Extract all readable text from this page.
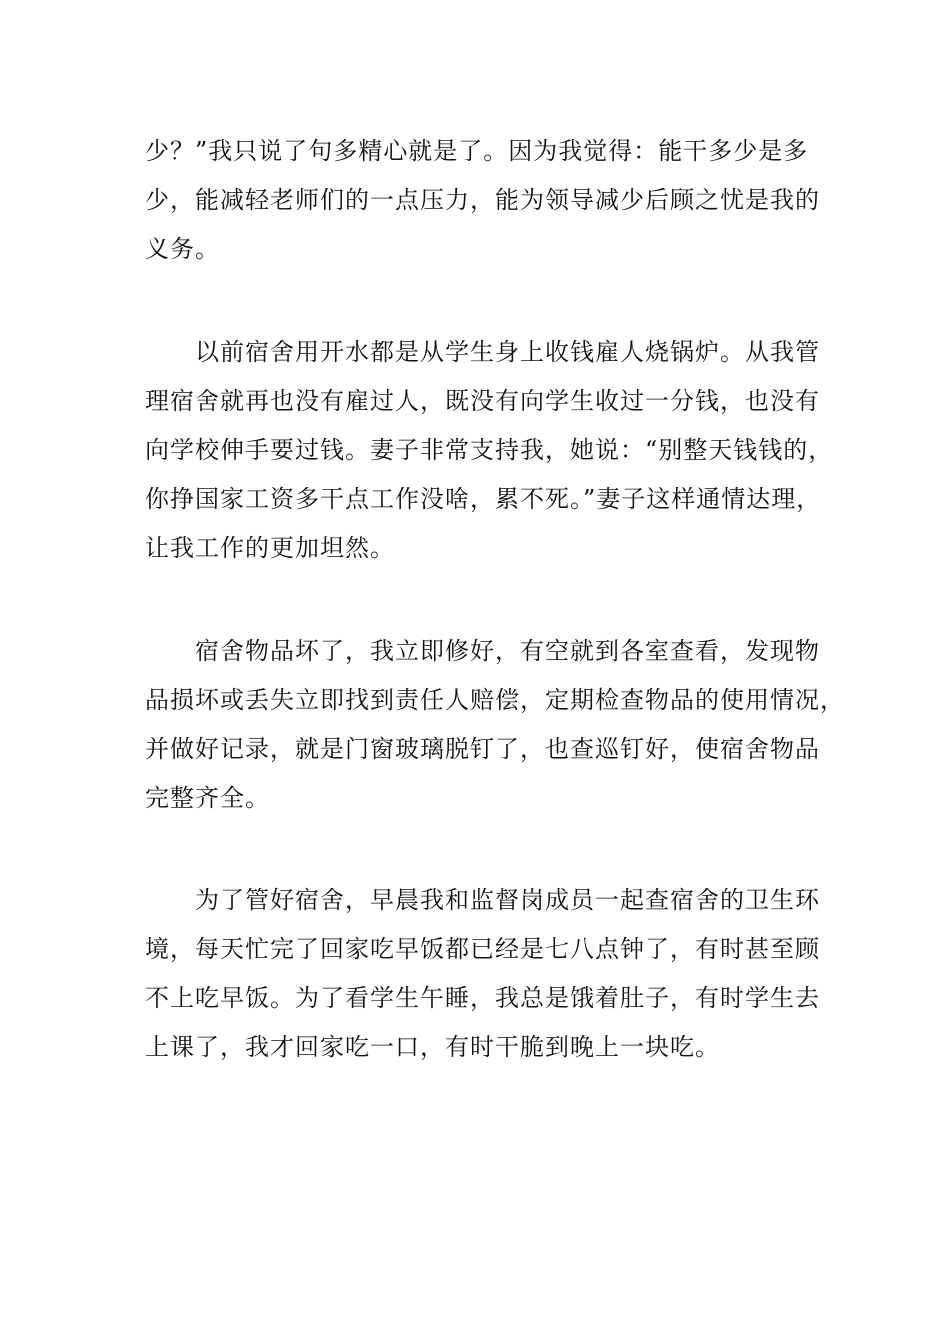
少？”我只说了句多精心就是了。因为我觉得：能干多少是多
少，能减轻老师们的一点压力，能为领导减少后顾之忧是我的
义务。
以前宿舍用开水都是从学生身上收钱雇人烧锅炉。从我管
理宿舍就再也没有雇过人，既没有向学生收过一分钱，也没有
向学校伸手要过钱。妻子非常支持我，她说：“别整天钱钱的，
你挣国家工资多干点工作没啥，累不死。”妻子这样通情达理，
让我工作的更加坦然。
宿舍物品坏了，我立即修好，有空就到各室查看，发现物
品损坏或丢失立即找到责任人赔偿，定期检查物品的使用情况，
并做好记录，就是门窗玻璃脱钉了，也查巡钉好，使宿舍物品
完整齐全。
为了管好宿舍，早晨我和监督岗成员一起查宿舍的卫生环
境，每天忙完了回家吃早饭都已经是七八点钟了，有时甚至顾
不上吃早饭。为了看学生午睡，我总是饿着肚子，有时学生去
上课了，我才回家吃一口，有时干脆到晚上一块吃。
